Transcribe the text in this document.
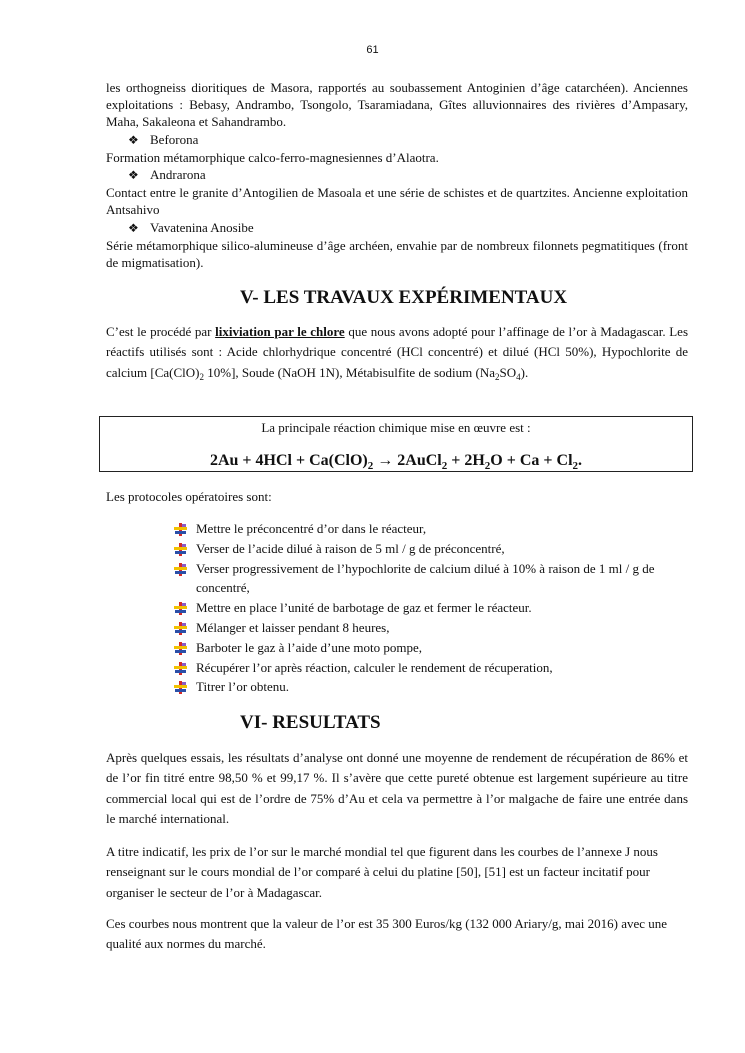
61
les orthogneiss dioritiques de Masora, rapportés au soubassement Antoginien d’âge catarchéen). Anciennes exploitations : Bebasy, Andrambo, Tsongolo, Tsaramiadana, Gîtes alluvionnaires des rivières d’Ampasary, Maha, Sakaleona et Sahandrambo.
❖ Beforona
Formation métamorphique calco-ferro-magnesiennes d’Alaotra.
❖ Andrarona
Contact entre le granite d’Antogilien de Masoala et une série de schistes et de quartzites. Ancienne exploitation Antsahivo
❖ Vavatenina Anosibe
Série métamorphique silico-alumineuse d’âge archéen, envahie par de nombreux filonnets pegmatitiques (front de migmatisation).
V- LES TRAVAUX EXPÉRIMENTAUX
C’est le procédé par lixiviation par le chlore que nous avons adopté pour l’affinage de l’or à Madagascar. Les réactifs utilisés sont : Acide chlorhydrique concentré (HCl concentré) et dilué (HCl 50%), Hypochlorite de calcium [$Ca(ClO)_2$ 10%], Soude (NaOH 1N), Métabisulfite de sodium $(Na_2SO_4)$.
La principale réaction chimique mise en œuvre est :
$2Au + 4HCl + Ca(ClO)_2$ → 2AuCl$_2$ + $2H_2O + Ca + Cl_2$.
Les protocoles opératoires sont:
Mettre le préconcentré d’or dans le réacteur,
Verser de l’acide dilué à raison de 5 ml / g de préconcentré,
Verser progressivement de l’hypochlorite de calcium dilué à 10% à raison de 1 ml / g de concentré,
Mettre en place l’unité de barbotage de gaz et fermer le réacteur.
Mélanger et laisser pendant 8 heures,
Barboter le gaz à l’aide d’une moto pompe,
Récupérer l’or après réaction, calculer le rendement de récuperation,
Titrer l’or obtenu.
VI- RESULTATS
Après quelques essais, les résultats d’analyse ont donné une moyenne de rendement de récupération de 86% et de l’or fin titré entre 98,50 % et 99,17 %. Il s’avère que cette pureté obtenue est largement supérieure au titre commercial local qui est de l’ordre de 75% d’Au et cela va permettre à l’or malgache de faire une entrée dans le marché international.
A titre indicatif, les prix de l’or sur le marché mondial tel que figurent dans les courbes de l’annexe J nous renseignant sur le cours mondial de l’or comparé à celui du platine [50], [51] est un facteur incitatif pour organiser le secteur de l’or à Madagascar.
Ces courbes nous montrent que la valeur de l’or est 35 300 Euros/kg (132 000 Ariary/g, mai 2016) avec une qualité aux normes du marché.
